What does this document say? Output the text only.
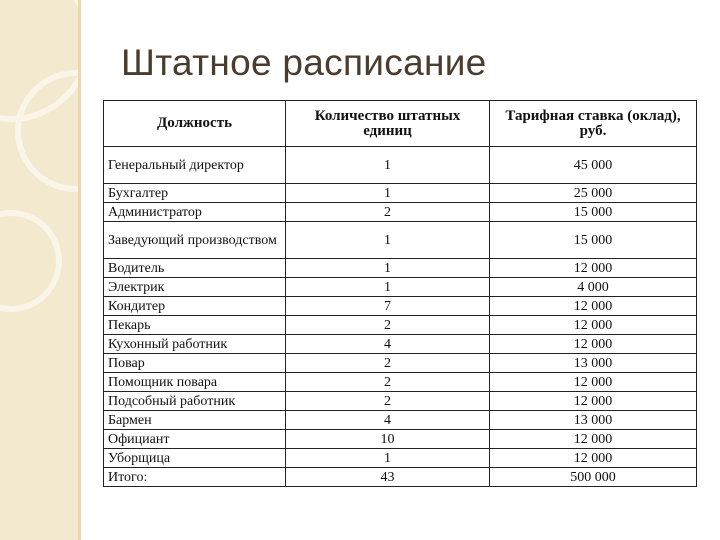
Штатное расписание
Должность	Количество штатных единиц	Тарифная ставка (оклад), руб.
Генеральный директор	1	45 000
Бухгалтер	1	25 000
Администратор	2	15 000
Заведующий производством	1	15 000
Водитель	1	12 000
Электрик	1	4 000
Кондитер	7	12 000
Пекарь	2	12 000
Кухонный работник	4	12 000
Повар	2	13 000
Помощник повара	2	12 000
Подсобный работник	2	12 000
Бармен	4	13 000
Официант	10	12 000
Уборщица	1	12 000
Итого:	43	500 000
